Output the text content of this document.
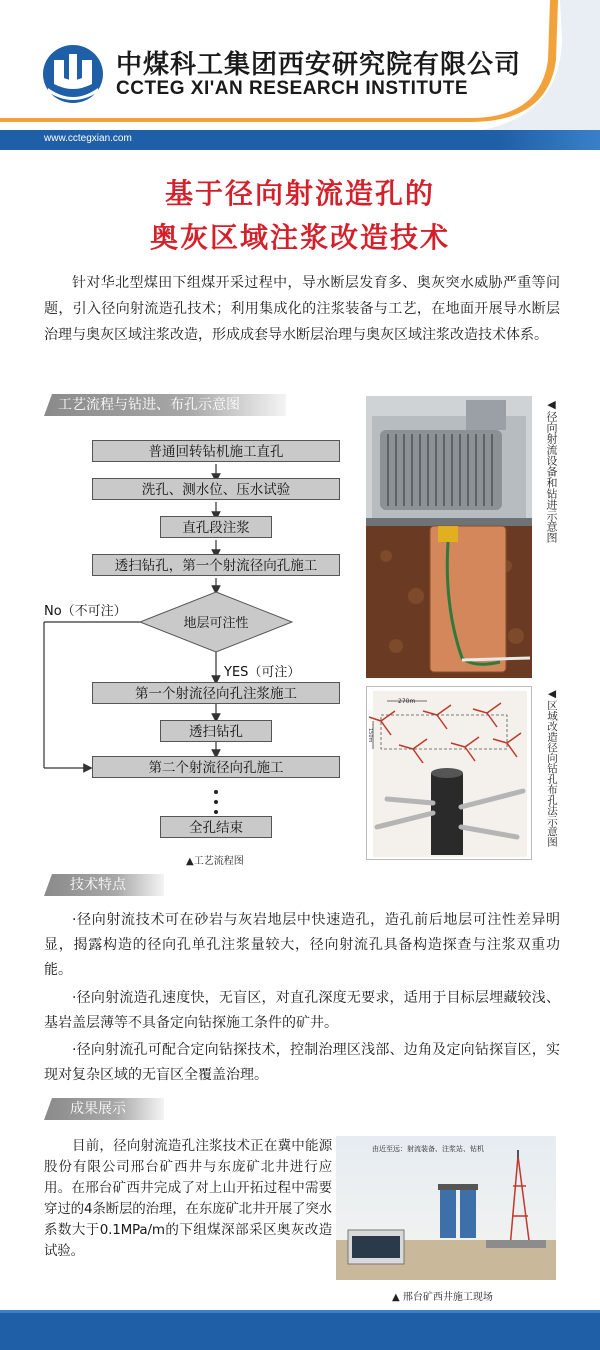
中煤科工集团西安研究院有限公司
CCTEG XI'AN RESEARCH INSTITUTE
www.cctegxian.com
基于径向射流造孔的
奥灰区域注浆改造技术
针对华北型煤田下组煤开采过程中，导水断层发育多、奥灰突水威胁严重等问题，引入径向射流造孔技术；利用集成化的注浆装备与工艺，在地面开展导水断层治理与奥灰区域注浆改造，形成成套导水断层治理与奥灰区域注浆改造技术体系。
工艺流程与钻进、布孔示意图
普通回转钻机施工直孔
洗孔、测水位、压水试验
直孔段注浆
透扫钻孔，第一个射流径向孔施工
地层可注性
No（不可注）
YES（可注）
第一个射流径向孔注浆施工
透扫钻孔
第二个射流径向孔施工
全孔结束
▲工艺流程图
◀径向射流设备和钻进示意图
270m
150m	◀区域改造径向钻孔布孔法示意图
技术特点
·径向射流技术可在砂岩与灰岩地层中快速造孔，造孔前后地层可注性差异明显，揭露构造的径向孔单孔注浆量较大，径向射流孔具备构造探查与注浆双重功能。
·径向射流造孔速度快，无盲区，对直孔深度无要求，适用于目标层埋藏较浅、基岩盖层薄等不具备定向钻探施工条件的矿井。
·径向射流孔可配合定向钻探技术，控制治理区浅部、边角及定向钻探盲区，实现对复杂区域的无盲区全覆盖治理。
成果展示
目前，径向射流造孔注浆技术正在冀中能源股份有限公司邢台矿西井与东庞矿北井进行应用。在邢台矿西井完成了对上山开拓过程中需要穿过的4条断层的治理，在东庞矿北井开展了突水系数大于0.1MPa/m的下组煤深部采区奥灰改造试验。
由近至远：射流装备、注浆站、钻机
▲ 邢台矿西井施工现场
